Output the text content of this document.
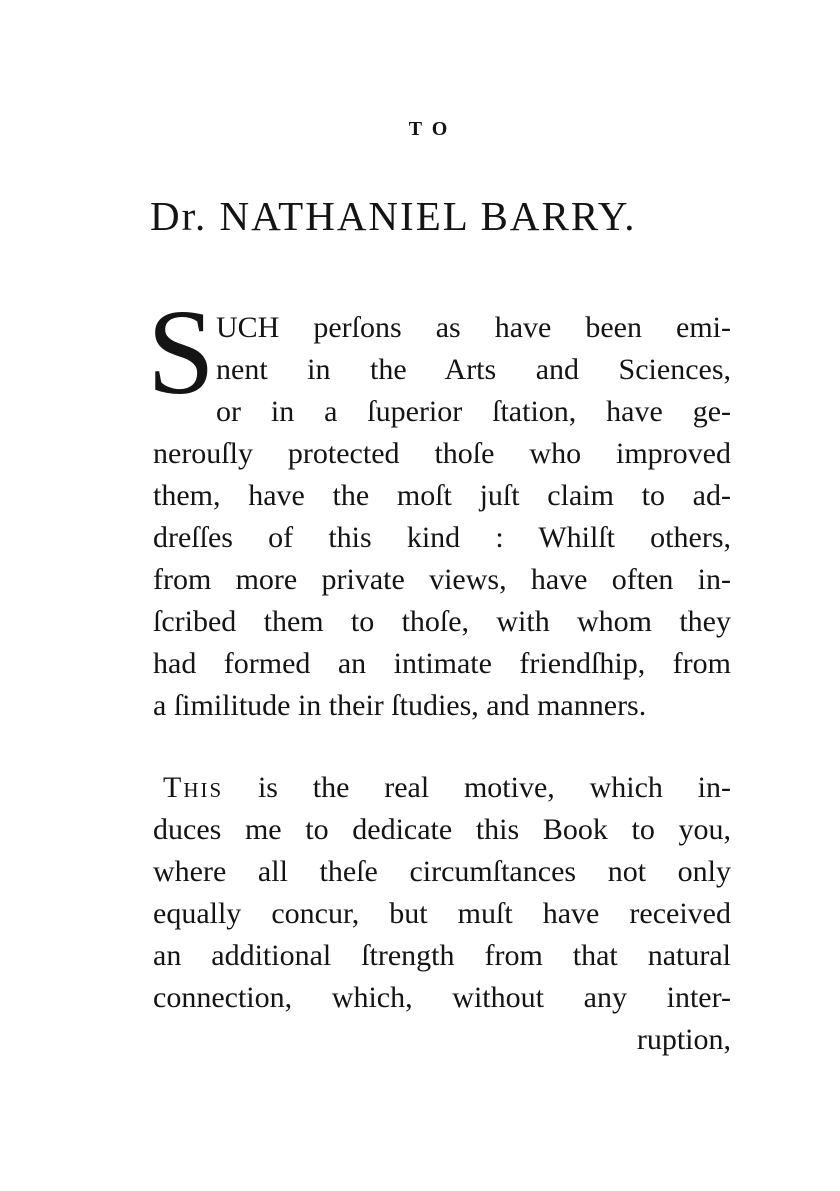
TO
Dr. NATHANIEL BARRY.
S UCH perſons as have been emi-
nent in the Arts and Sciences,
or in a ſuperior ſtation, have ge-
nerouſly protected thoſe who improved
them, have the moſt juſt claim to ad-
dreſſes of this kind : Whilſt others,
from more private views, have often in-
ſcribed them to thoſe, with whom they
had formed an intimate friendſhip, from
a ſimilitude in their ſtudies, and manners.
This is the real motive, which in-
duces me to dedicate this Book to you,
where all theſe circumſtances not only
equally concur, but muſt have received
an additional ſtrength from that natural
connection, which, without any inter-
ruption,
